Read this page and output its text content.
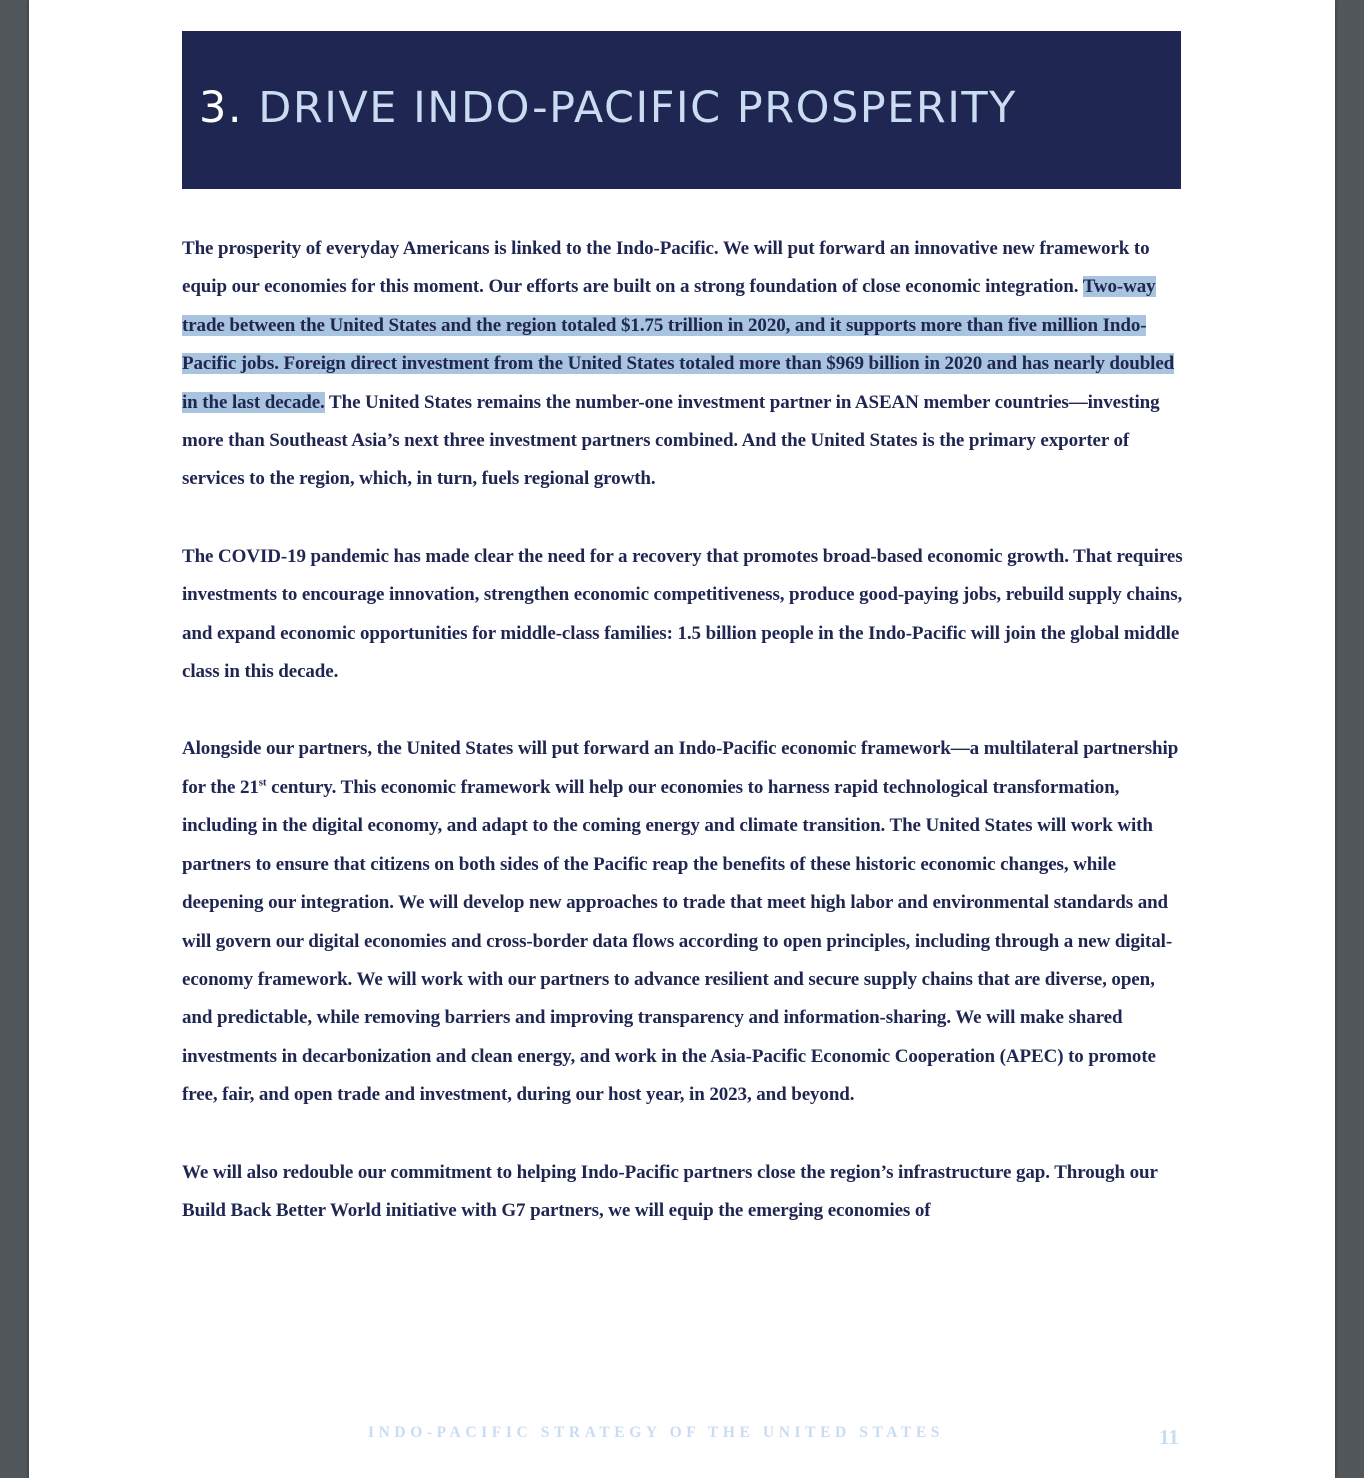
3. DRIVE INDO-PACIFIC PROSPERITY

The prosperity of everyday Americans is linked to the Indo-Pacific. We will put forward an innovative new framework to equip our economies for this moment. Our efforts are built on a strong foundation of close economic integration. Two-way trade between the United States and the region totaled $1.75 trillion in 2020, and it supports more than five million Indo-Pacific jobs. Foreign direct investment from the United States totaled more than $969 billion in 2020 and has nearly doubled in the last decade. The United States remains the number-one investment partner in ASEAN member countries—investing more than Southeast Asia’s next three investment partners combined. And the United States is the primary exporter of services to the region, which, in turn, fuels regional growth.

The COVID-19 pandemic has made clear the need for a recovery that promotes broad-based economic growth. That requires investments to encourage innovation, strengthen economic competitiveness, produce good-paying jobs, rebuild supply chains, and expand economic opportunities for middle-class families: 1.5 billion people in the Indo-Pacific will join the global middle class in this decade.

Alongside our partners, the United States will put forward an Indo-Pacific economic framework—a multilateral partnership for the 21st century. This economic framework will help our economies to harness rapid technological transformation, including in the digital economy, and adapt to the coming energy and climate transition. The United States will work with partners to ensure that citizens on both sides of the Pacific reap the benefits of these historic economic changes, while deepening our integration. We will develop new approaches to trade that meet high labor and environmental standards and will govern our digital economies and cross-border data flows according to open principles, including through a new digital-economy framework. We will work with our partners to advance resilient and secure supply chains that are diverse, open, and predictable, while removing barriers and improving transparency and information-sharing. We will make shared investments in decarbonization and clean energy, and work in the Asia-Pacific Economic Cooperation (APEC) to promote free, fair, and open trade and investment, during our host year, in 2023, and beyond.

We will also redouble our commitment to helping Indo-Pacific partners close the region’s infrastructure gap. Through our Build Back Better World initiative with G7 partners, we will equip the emerging economies of

INDO-PACIFIC STRATEGY OF THE UNITED STATES	11
